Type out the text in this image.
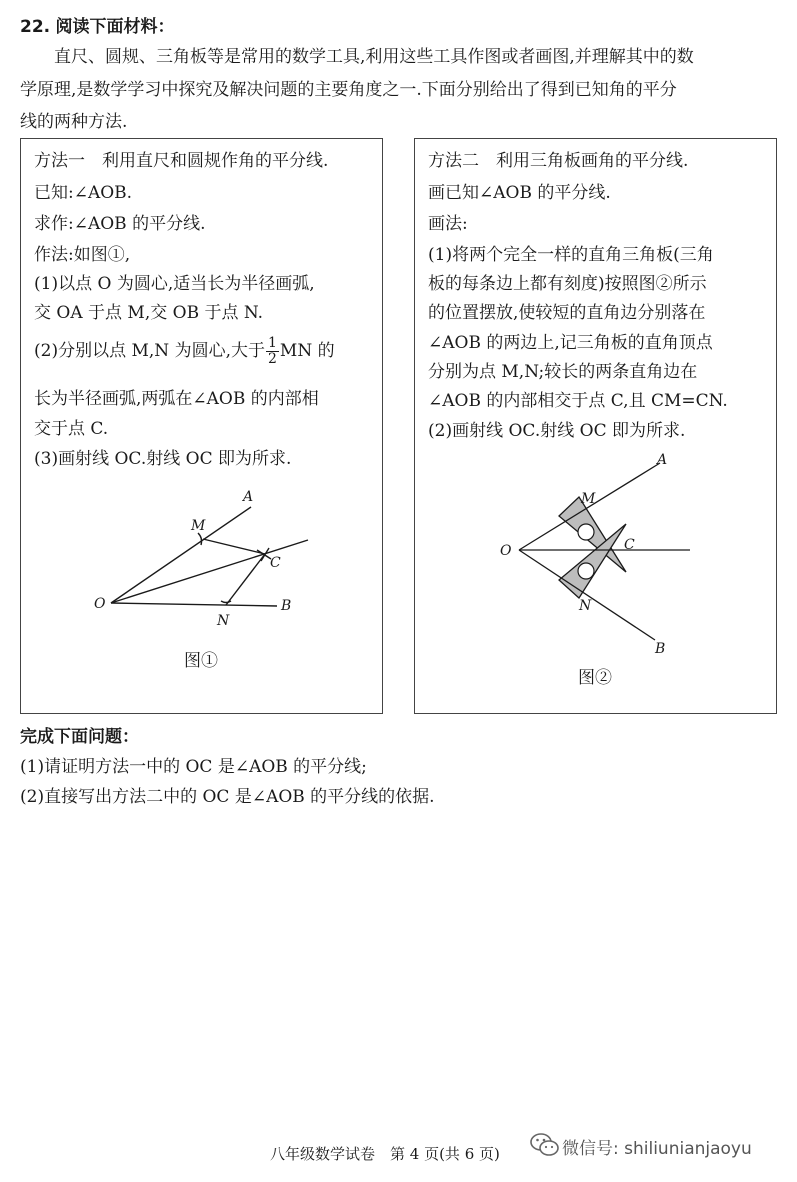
22. 阅读下面材料：
直尺、圆规、三角板等是常用的数学工具,利用这些工具作图或者画图,并理解其中的数
学原理,是数学学习中探究及解决问题的主要角度之一.下面分别给出了得到已知角的平分
线的两种方法.
方法一　利用直尺和圆规作角的平分线.
已知:∠AOB.
求作:∠AOB 的平分线.
作法:如图①,
(1)以点 O 为圆心,适当长为半径画弧,
交 OA 于点 M,交 OB 于点 N.
(2)分别以点 M,N 为圆心,大于 $\frac{1}{2}$ MN 的
长为半径画弧,两弧在∠AOB 的内部相
交于点 C.
(3)画射线 OC.射线 OC 即为所求.
A
M
C
O
N
B
图①
方法二　利用三角板画角的平分线.
画已知∠AOB 的平分线.
画法:
(1)将两个完全一样的直角三角板(三角
板的每条边上都有刻度)按照图②所示
的位置摆放,使较短的直角边分别落在
∠AOB 的两边上,记三角板的直角顶点
分别为点 M,N;较长的两条直角边在
∠AOB 的内部相交于点 C,且 CM=CN.
(2)画射线 OC.射线 OC 即为所求.
A
M
O	C
N
B
图②
完成下面问题：
(1)请证明方法一中的 OC 是∠AOB 的平分线;
(2)直接写出方法二中的 OC 是∠AOB 的平分线的依据.
八年级数学试卷　第 4 页(共 6 页)	微信号: shiliunianjaoyu
